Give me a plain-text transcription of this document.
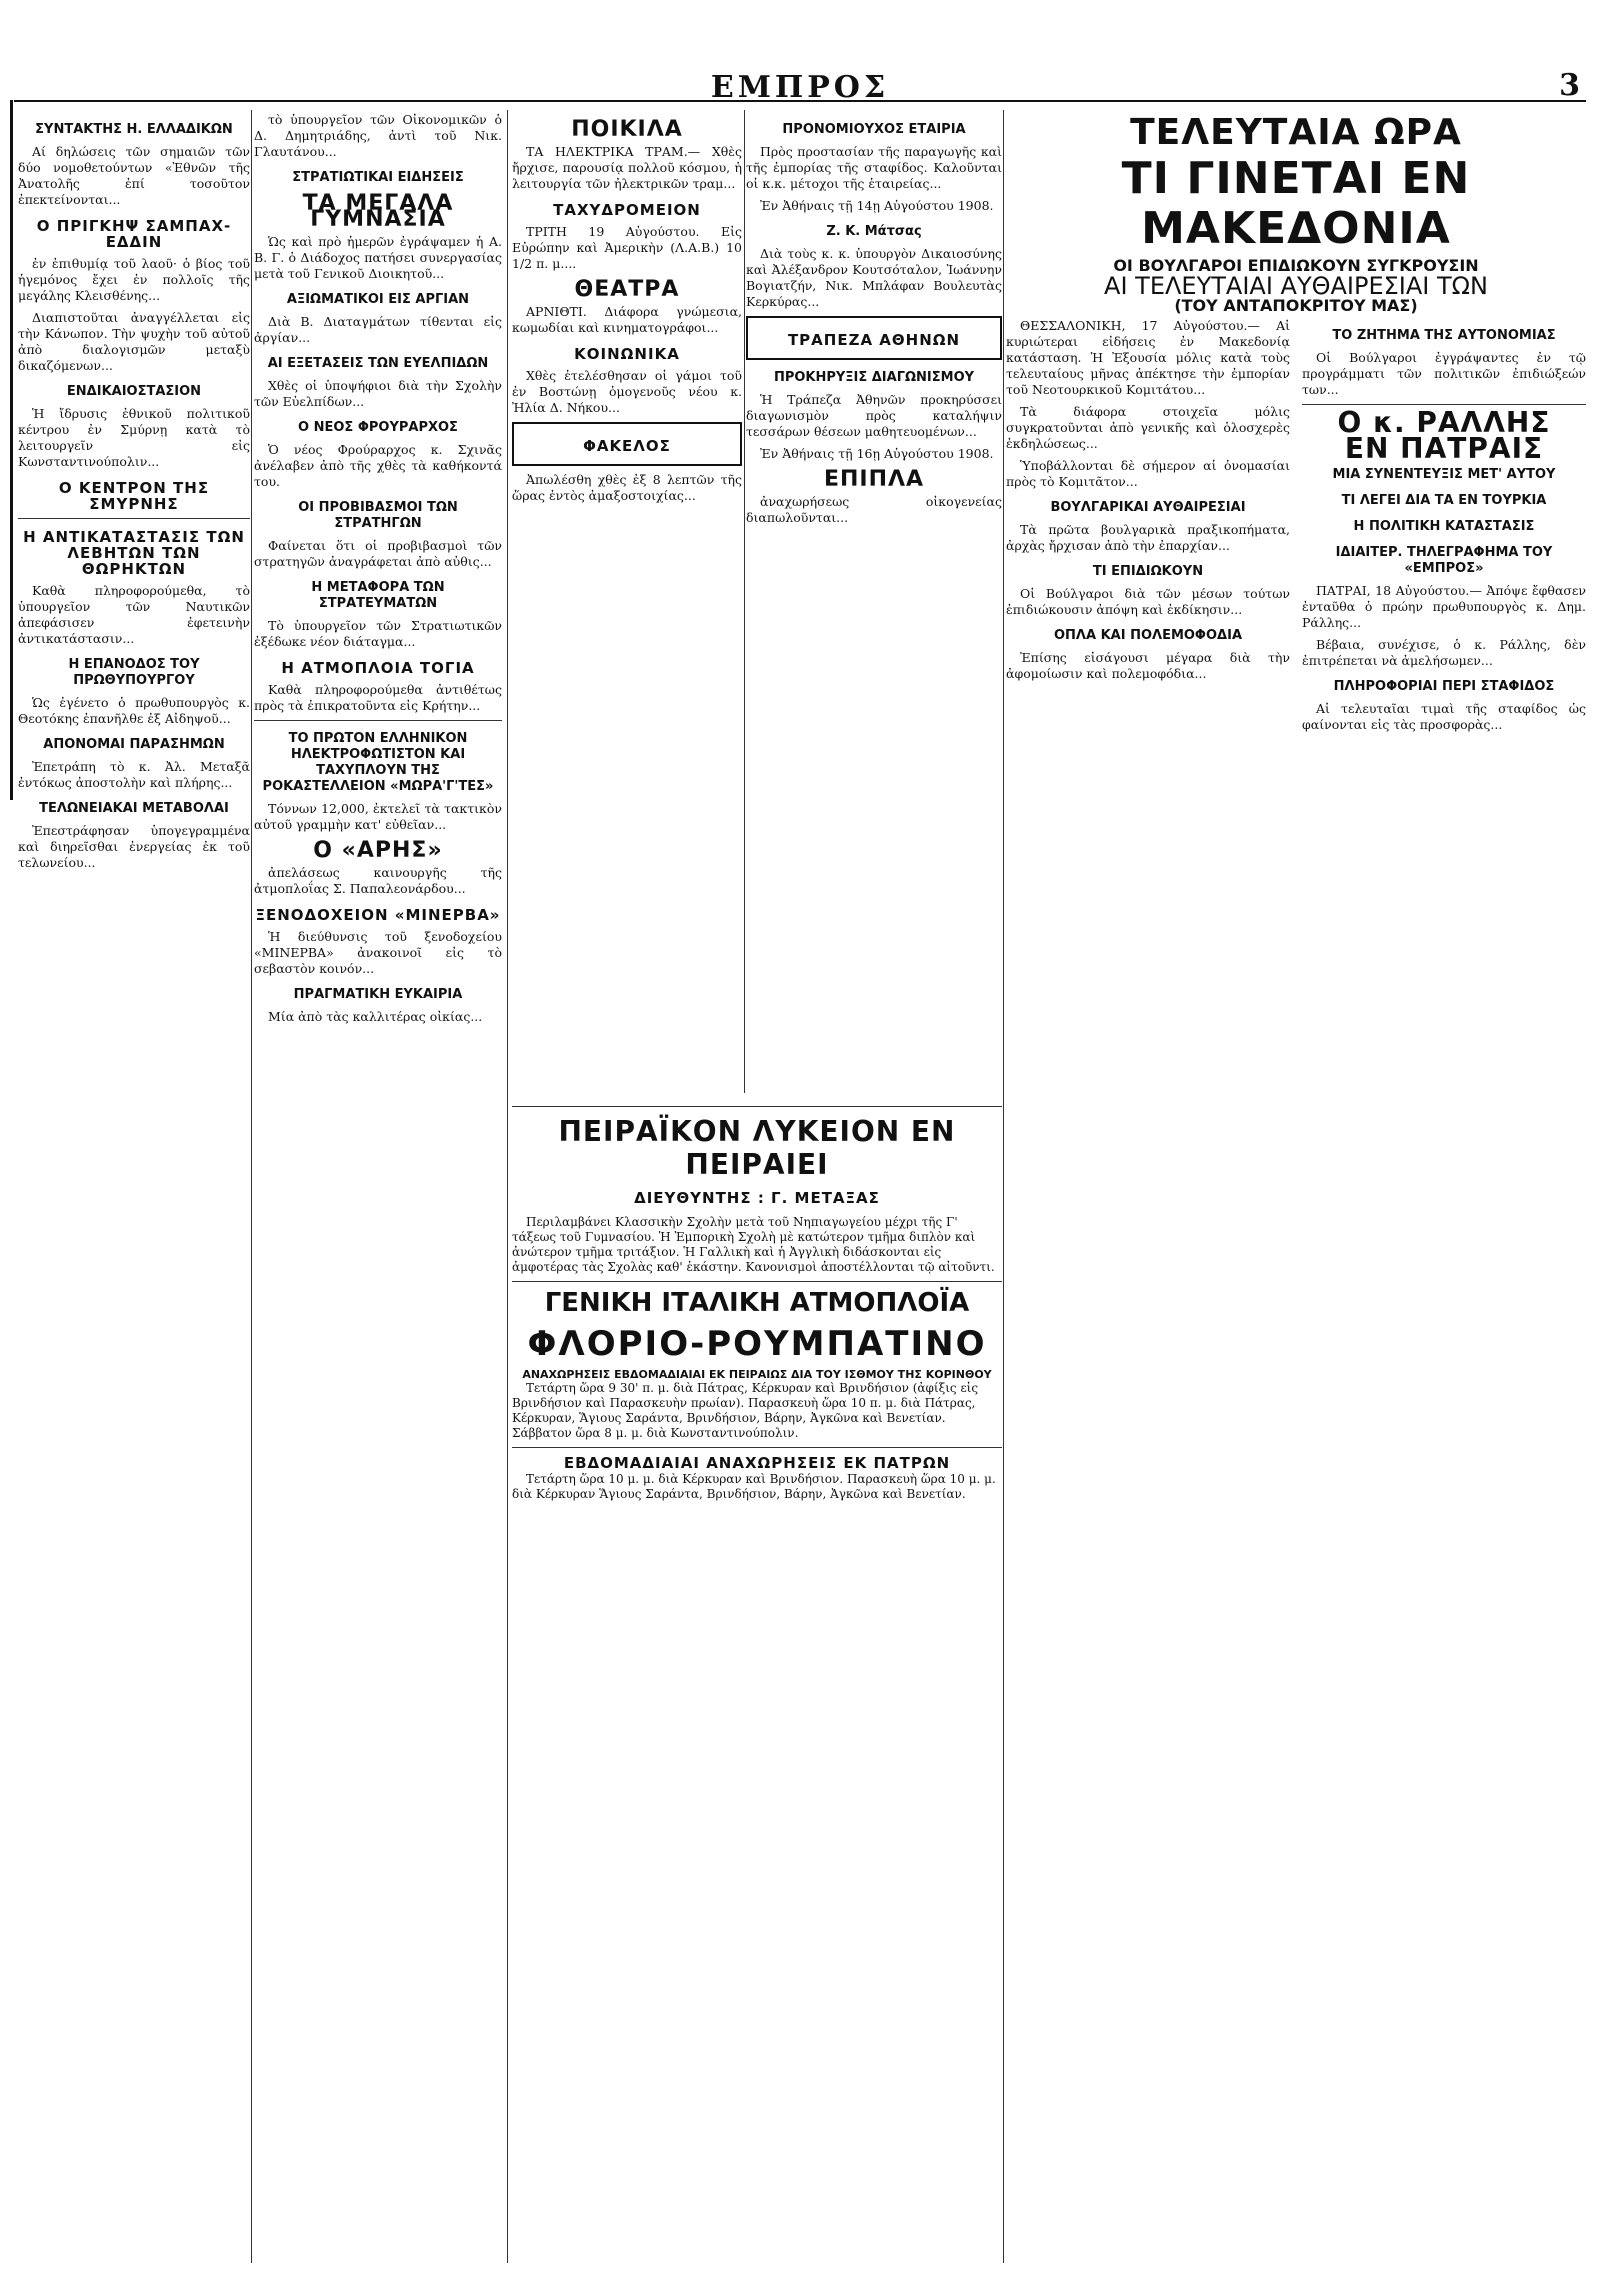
ΕΜΠΡΟΣ	3
ΣΥΝΤΑΚΤΗΣ Η. ΕΛΛΑΔΙΚΩΝ

Αί δηλώσεις τῶν σημαιῶν τῶν δύο νομοθετούντων «Ἐθνῶν τῆς Ἀνατολῆς ἐπί τοσοῦτον ἐπεκτείνονται...

Ο ΠΡΙΓΚΗΨ ΣΑΜΠΑΧ-ΕΔΔΙΝ

ἐν ἐπιθυμίᾳ τοῦ λαοῦ· ὁ βίος τοῦ ἡγεμόνος ἔχει ἐν πολλοῖς τῆς μεγάλης Κλεισθένης...

Διαπιστοῦται ἀναγγέλλεται εἰς τὴν Κάνωπον. Τὴν ψυχὴν τοῦ αὐτοῦ ἀπὸ διαλογισμῶν μεταξὺ δικαζόμενων...

ΕΝΔΙΚΑΙΟΣΤΑΣΙΟΝ

Ἡ ἴδρυσις ἐθνικοῦ πολιτικοῦ κέντρου ἐν Σμύρνῃ κατὰ τὸ λειτουργεῖν εἰς Κωνσταντινούπολιν...

Ο ΚΕΝΤΡΟΝ ΤΗΣ ΣΜΥΡΝΗΣ
Η ΑΝΤΙΚΑΤΑΣΤΑΣΙΣ ΤΩΝ ΛΕΒΗΤΩΝ ΤΩΝ ΘΩΡΗΚΤΩΝ

Καθὰ πληροφορούμεθα, τὸ ὑπουργεῖον τῶν Ναυτικῶν ἀπεφάσισεν ἐφετεινὴν ἀντικατάστασιν...

Η ΕΠΑΝΟΔΟΣ ΤΟΥ ΠΡΩΘΥΠΟΥΡΓΟΥ

Ὡς ἐγένετο ὁ πρωθυπουργὸς κ. Θεοτόκης ἐπανῆλθε ἐξ Αἰδηψοῦ...

ΑΠΟΝΟΜΑΙ ΠΑΡΑΣΗΜΩΝ

Ἐπετράπη τὸ κ. Ἀλ. Μεταξᾶ ἐντόκως ἀποστολὴν καὶ πλήρης...

ΤΕΛΩΝΕΙΑΚΑΙ ΜΕΤΑΒΟΛΑΙ

Ἐπεστράφησαν ὑπογεγραμμένα καὶ διηρεῖσθαι ἐνεργείας ἐκ τοῦ τελωνείου...

τὸ ὑπουργεῖον τῶν Οἰκονομικῶν ὁ Δ. Δημητριάδης, ἀντὶ τοῦ Νικ. Γλαυτάνου...

ΣΤΡΑΤΙΩΤΙΚΑΙ ΕΙΔΗΣΕΙΣ
ΤΑ ΜΕΓΑΛΑ ΓΥΜΝΑΣΙΑ

Ὡς καὶ πρὸ ἡμερῶν ἐγράψαμεν ἡ Α. Β. Γ. ὁ Διάδοχος πατήσει συνεργασίας μετὰ τοῦ Γενικοῦ Διοικητοῦ...

ΑΞΙΩΜΑΤΙΚΟΙ ΕΙΣ ΑΡΓΙΑΝ

Διὰ Β. Διαταγμάτων τίθενται εἰς ἀργίαν...

ΑΙ ΕΞΕΤΑΣΕΙΣ ΤΩΝ ΕΥΕΛΠΙΔΩΝ

Χθὲς οἱ ὑποψήφιοι διὰ τὴν Σχολὴν τῶν Εὐελπίδων...

Ο ΝΕΟΣ ΦΡΟΥΡΑΡΧΟΣ

Ὁ νέος Φρούραρχος κ. Σχινᾶς ἀνέλαβεν ἀπὸ τῆς χθὲς τὰ καθήκοντά του.

ΟΙ ΠΡΟΒΙΒΑΣΜΟΙ ΤΩΝ ΣΤΡΑΤΗΓΩΝ

Φαίνεται ὅτι οἱ προβιβασμοὶ τῶν στρατηγῶν ἀναγράφεται ἀπὸ αὐθις...

Η ΜΕΤΑΦΟΡΑ ΤΩΝ ΣΤΡΑΤΕΥΜΑΤΩΝ

Τὸ ὑπουργεῖον τῶν Στρατιωτικῶν ἐξέδωκε νέον διάταγμα...

Η ΑΤΜΟΠΛΟΙΑ ΤΟΓΙΑ

Καθὰ πληροφορούμεθα ἀντιθέτως πρὸς τὰ ἐπικρατοῦντα εἰς Κρήτην...

ΤΟ ΠΡΩΤΟΝ ΕΛΛΗΝΙΚΟΝ ΗΛΕΚΤΡΟΦΩΤΙΣΤΟΝ ΚΑΙ ΤΑΧΥΠΛΟΥΝ ΤΗΣ ΡΟΚΑΣΤΕΛΛΕΙΟΝ «ΜΩΡΑ'Γ'ΤΕΣ»

Τόννων 12,000, ἐκτελεῖ τὰ τακτικὸν αὐτοῦ γραμμὴν κατ' εὐθεῖαν...

Ο «ΑΡΗΣ»

ἀπελάσεως καινουργῆς τῆς ἀτμοπλοΐας Σ. Παπαλεονάρδου...

ΞΕΝΟΔΟΧΕΙΟΝ «ΜΙΝΕΡΒΑ»

Ἡ διεύθυνσις τοῦ ξενοδοχείου «ΜΙΝΕΡΒΑ» ἀνακοινοῖ εἰς τὸ σεβαστὸν κοινόν...

ΠΡΑΓΜΑΤΙΚΗ ΕΥΚΑΙΡΙΑ

Μία ἀπὸ τὰς καλλιτέρας οἰκίας...

ΠΟΙΚΙΛΑ

ΤΑ ΗΛΕΚΤΡΙΚΑ ΤΡΑΜ.— Χθὲς ἤρχισε, παρουσίᾳ πολλοῦ κόσμου, ἡ λειτουργία τῶν ἠλεκτρικῶν τραμ...

ΤΑΧΥΔΡΟΜΕΙΟΝ

ΤΡΙΤΗ 19 Αὐγούστου. Εἰς Εὐρώπην καὶ Ἀμερικὴν (Λ.Α.Β.) 10 1/2 π. μ....

ΘΕΑΤΡΑ

ΑΡΝΙΘΤΙ. Διάφορα γνώμεσια, κωμωδίαι καὶ κινηματογράφοι...

ΚΟΙΝΩΝΙΚΑ

Χθὲς ἐτελέσθησαν οἱ γάμοι τοῦ ἐν Βοστώνῃ ὁμογενοῦς νέου κ. Ἠλία Δ. Νήκου...

ΦΑΚΕΛΟΣ

Ἀπωλέσθη χθὲς ἐξ 8 λεπτῶν τῆς ὥρας ἐντὸς ἀμαξοστοιχίας...

ΠΡΟΝΟΜΙΟΥΧΟΣ ΕΤΑΙΡΙΑ

Πρὸς προστασίαν τῆς παραγωγῆς καὶ τῆς ἐμπορίας τῆς σταφίδος. Καλοῦνται οἱ κ.κ. μέτοχοι τῆς ἑταιρείας...

Ἐν Ἀθήναις τῇ 14ῃ Αὐγούστου 1908.

Ζ. Κ. Μάτσας

Διὰ τοὺς κ. κ. ὑπουργὸν Δικαιοσύνης καὶ Ἀλέξανδρον Κουτσόταλον, Ἰωάννην Βογιατζήν, Νικ. Μπλάφαν Βουλευτὰς Κερκύρας...

ΤΡΑΠΕΖΑ ΑΘΗΝΩΝ
ΠΡΟΚΗΡΥΞΙΣ ΔΙΑΓΩΝΙΣΜΟΥ

Ἡ Τράπεζα Ἀθηνῶν προκηρύσσει διαγωνισμὸν πρὸς καταλήψιν τεσσάρων θέσεων μαθητευομένων...

Ἐν Ἀθήναις τῇ 16ῃ Αὐγούστου 1908.

ΕΠΙΠΛΑ

ἀναχωρήσεως οἰκογενείας διαπωλοῦνται...

ΠΕΙΡΑΪΚΟΝ ΛΥΚΕΙΟΝ ΕΝ ΠΕΙΡΑΙΕΙ
ΔΙΕΥΘΥΝΤΗΣ : Γ. ΜΕΤΑΞΑΣ

Περιλαμβάνει Κλασσικὴν Σχολὴν μετὰ τοῦ Νηπιαγωγείου μέχρι τῆς Γ' τάξεως τοῦ Γυμνασίου. Ἡ Ἐμπορικὴ Σχολὴ μὲ κατώτερον τμῆμα διπλὸν καὶ ἀνώτερον τμῆμα τριτάξιον. Ἡ Γαλλικὴ καὶ ἡ Ἀγγλικὴ διδάσκονται εἰς ἀμφοτέρας τὰς Σχολὰς καθ' ἑκάστην. Κανονισμοὶ ἀποστέλλονται τῷ αἰτοῦντι.

ΓΕΝΙΚΗ ΙΤΑΛΙΚΗ ΑΤΜΟΠΛΟΪΑ
ΦΛΟΡΙΟ-ΡΟΥΜΠΑΤΙΝΟ
ΑΝΑΧΩΡΗΣΕΙΣ ΕΒΔΟΜΑΔΙΑΙΑΙ ΕΚ ΠΕΙΡΑΙΩΣ ΔΙΑ ΤΟΥ ΙΣΘΜΟΥ ΤΗΣ ΚΟΡΙΝΘΟΥ

Τετάρτη ὥρα 9 30' π. μ. διὰ Πάτρας, Κέρκυραν καὶ Βρινδήσιον (ἀφίξις εἰς Βρινδήσιον καὶ Παρασκευὴν πρωίαν). Παρασκευὴ ὥρα 10 π. μ. διὰ Πάτρας, Κέρκυραν, Ἅγιους Σαράντα, Βρινδήσιον, Βάρην, Ἀγκῶνα καὶ Βενετίαν. Σάββατον ὥρα 8 μ. μ. διὰ Κωνσταντινούπολιν.

ΕΒΔΟΜΑΔΙΑΙΑΙ ΑΝΑΧΩΡΗΣΕΙΣ ΕΚ ΠΑΤΡΩΝ

Τετάρτη ὥρα 10 μ. μ. διὰ Κέρκυραν καὶ Βρινδήσιον. Παρασκευὴ ὥρα 10 μ. μ. διὰ Κέρκυραν Ἅγιους Σαράντα, Βρινδήσιον, Βάρην, Ἀγκῶνα καὶ Βενετίαν.

ΤΕΛΕΥΤΑΙΑ ΩΡΑ
ΤΙ ΓΙΝΕΤΑΙ ΕΝ ΜΑΚΕΔΟΝΙΑ
ΟΙ ΒΟΥΛΓΑΡΟΙ ΕΠΙΔΙΩΚΟΥΝ ΣΥΓΚΡΟΥΣΙΝ
ΑΙ ΤΕΛΕΥΤΑΙΑΙ ΑΥΘΑΙΡΕΣΙΑΙ ΤΩΝ
(ΤΟΥ ΑΝΤΑΠΟΚΡΙΤΟΥ ΜΑΣ)

ΘΕΣΣΑΛΟΝΙΚΗ, 17 Αὐγούστου.— Αἱ κυριώτεραι εἰδήσεις ἐν Μακεδονίᾳ κατάσταση. Ἡ Ἐξουσία μόλις κατὰ τοὺς τελευταίους μῆνας ἀπέκτησε τὴν ἐμπορίαν τοῦ Νεοτουρκικοῦ Κομιτάτου...

Τὰ διάφορα στοιχεῖα μόλις συγκρατοῦνται ἀπὸ γενικῆς καὶ ὁλοσχερὲς ἐκδηλώσεως...

Ὑποβάλλονται δὲ σήμερον αἱ ὀνομασίαι πρὸς τὸ Κομιτᾶτον...

ΒΟΥΛΓΑΡΙΚΑΙ ΑΥΘΑΙΡΕΣΙΑΙ

Τὰ πρῶτα βουλγαρικὰ πραξικοπήματα, ἀρχὰς ἤρχισαν ἀπὸ τὴν ἐπαρχίαν...

ΤΙ ΕΠΙΔΙΩΚΟΥΝ

Οἱ Βούλγαροι διὰ τῶν μέσων τούτων ἐπιδιώκουσιν ἀπόψη καὶ ἐκδίκησιν...

ΟΠΛΑ ΚΑΙ ΠΟΛΕΜΟΦΟΔΙΑ

Ἐπίσης εἰσάγουσι μέγαρα διὰ τὴν ἀφομοίωσιν καὶ πολεμοφόδια...

ΤΟ ΖΗΤΗΜΑ ΤΗΣ ΑΥΤΟΝΟΜΙΑΣ

Οἱ Βούλγαροι ἐγγράψαντες ἐν τῷ προγράμματι τῶν πολιτικῶν ἐπιδιώξεών των...

Ο κ. ΡΑΛΛΗΣ
ΕΝ ΠΑΤΡΑΙΣ
ΜΙΑ ΣΥΝΕΝΤΕΥΞΙΣ ΜΕΤ' ΑΥΤΟΥ
ΤΙ ΛΕΓΕΙ ΔΙΑ ΤΑ ΕΝ ΤΟΥΡΚΙΑ
Η ΠΟΛΙΤΙΚΗ ΚΑΤΑΣΤΑΣΙΣ
ΙΔΙΑΙΤΕΡ. ΤΗΛΕΓΡΑΦΗΜΑ ΤΟΥ «ΕΜΠΡΟΣ»

ΠΑΤΡΑΙ, 18 Αὐγούστου.— Ἀπόψε ἔφθασεν ἐνταῦθα ὁ πρώην πρωθυπουργὸς κ. Δημ. Ράλλης...

Βέβαια, συνέχισε, ὁ κ. Ράλλης, δὲν ἐπιτρέπεται νὰ ἀμελήσωμεν...

ΠΛΗΡΟΦΟΡΙΑΙ ΠΕΡΙ ΣΤΑΦΙΔΟΣ

Αἱ τελευταῖαι τιμαὶ τῆς σταφίδος ὡς φαίνονται εἰς τὰς προσφορὰς...
